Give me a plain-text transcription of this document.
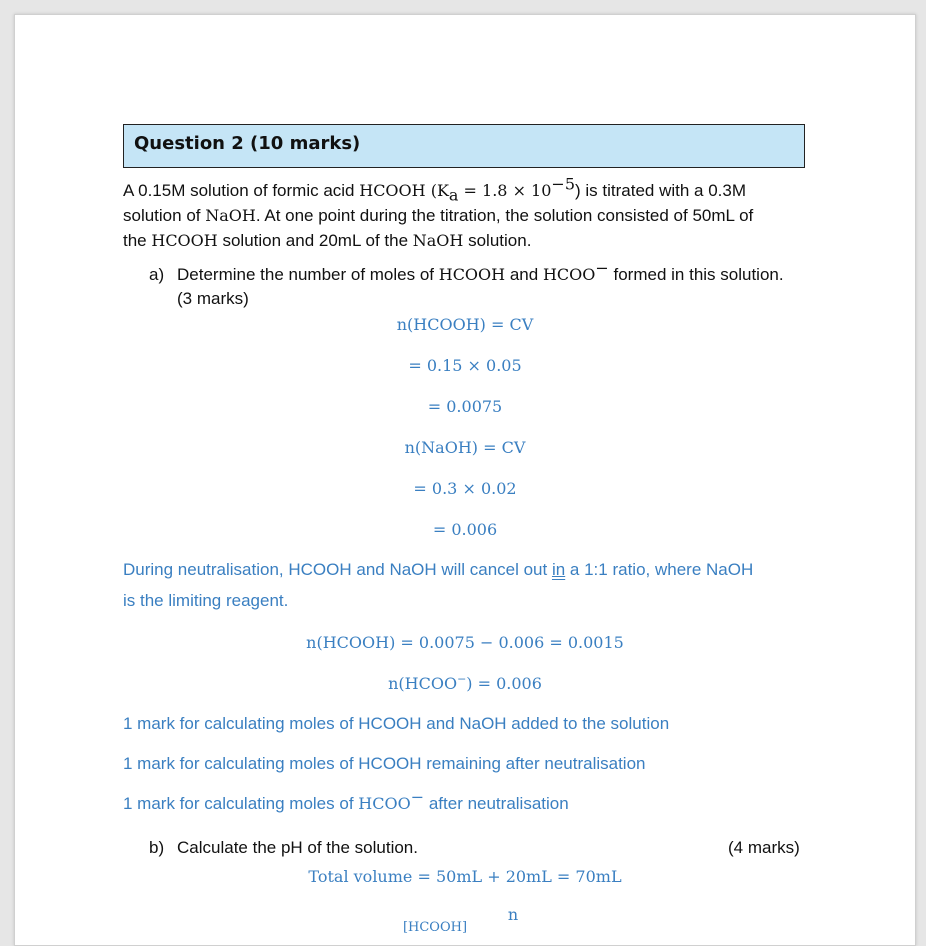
Question 2 (10 marks)
A 0.15M solution of formic acid HCOOH $(K_a = 1.8 \times 10^{-5})$ is titrated with a 0.3M
solution of NaOH. At one point during the titration, the solution consisted of 50mL of
the HCOOH solution and 20mL of the NaOH solution.
a) Determine the number of moles of HCOOH and HCOO− formed in this solution.
(3 marks)
n(HCOOH) = CV
= 0.15 × 0.05
= 0.0075
n(NaOH) = CV
= 0.3 × 0.02
= 0.006
During neutralisation, HCOOH and NaOH will cancel out in a 1:1 ratio, where NaOH
is the limiting reagent.
n(HCOOH) = 0.0075 − 0.006 = 0.0015
n(HCOO−) = 0.006
1 mark for calculating moles of HCOOH and NaOH added to the solution
1 mark for calculating moles of HCOOH remaining after neutralisation
1 mark for calculating moles of HCOO− after neutralisation
b) Calculate the pH of the solution.	(4 marks)
Total volume = 50mL + 20mL = 70mL
n
[HCOOH]
